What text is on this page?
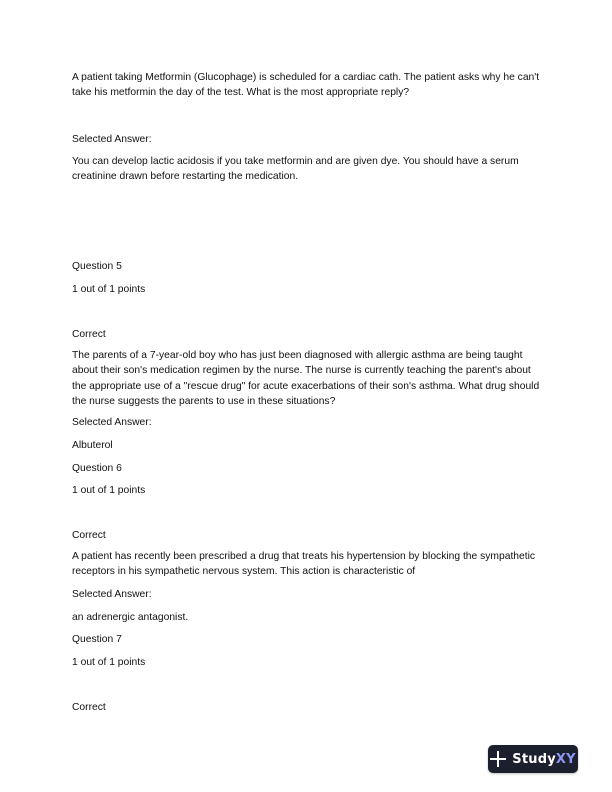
A patient taking Metformin (Glucophage) is scheduled for a cardiac cath. The patient asks why he can't take his metformin the day of the test. What is the most appropriate reply?

Selected Answer:

You can develop lactic acidosis if you take metformin and are given dye. You should have a serum creatinine drawn before restarting the medication.

Question 5

1 out of 1 points

Correct

The parents of a 7-year-old boy who has just been diagnosed with allergic asthma are being taught about their son's medication regimen by the nurse. The nurse is currently teaching the parent's about the appropriate use of a "rescue drug" for acute exacerbations of their son's asthma. What drug should the nurse suggests the parents to use in these situations?

Selected Answer:

Albuterol

Question 6

1 out of 1 points

Correct

A patient has recently been prescribed a drug that treats his hypertension by blocking the sympathetic receptors in his sympathetic nervous system. This action is characteristic of

Selected Answer:

an adrenergic antagonist.

Question 7

1 out of 1 points

Correct

StudyXY
